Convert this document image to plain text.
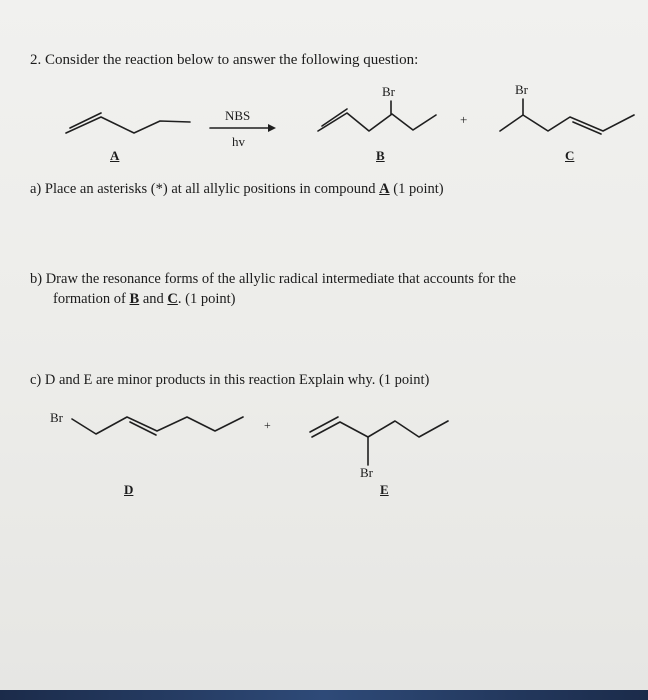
2. Consider the reaction below to answer the following question:
NBS
hv
Br	Br
+
A	B	C
a) Place an asterisks (*) at all allylic positions in compound A (1 point)
b) Draw the resonance forms of the allylic radical intermediate that accounts for the
formation of B and C. (1 point)
c) D and E are minor products in this reaction Explain why. (1 point)
Br	+
Br
D	E
